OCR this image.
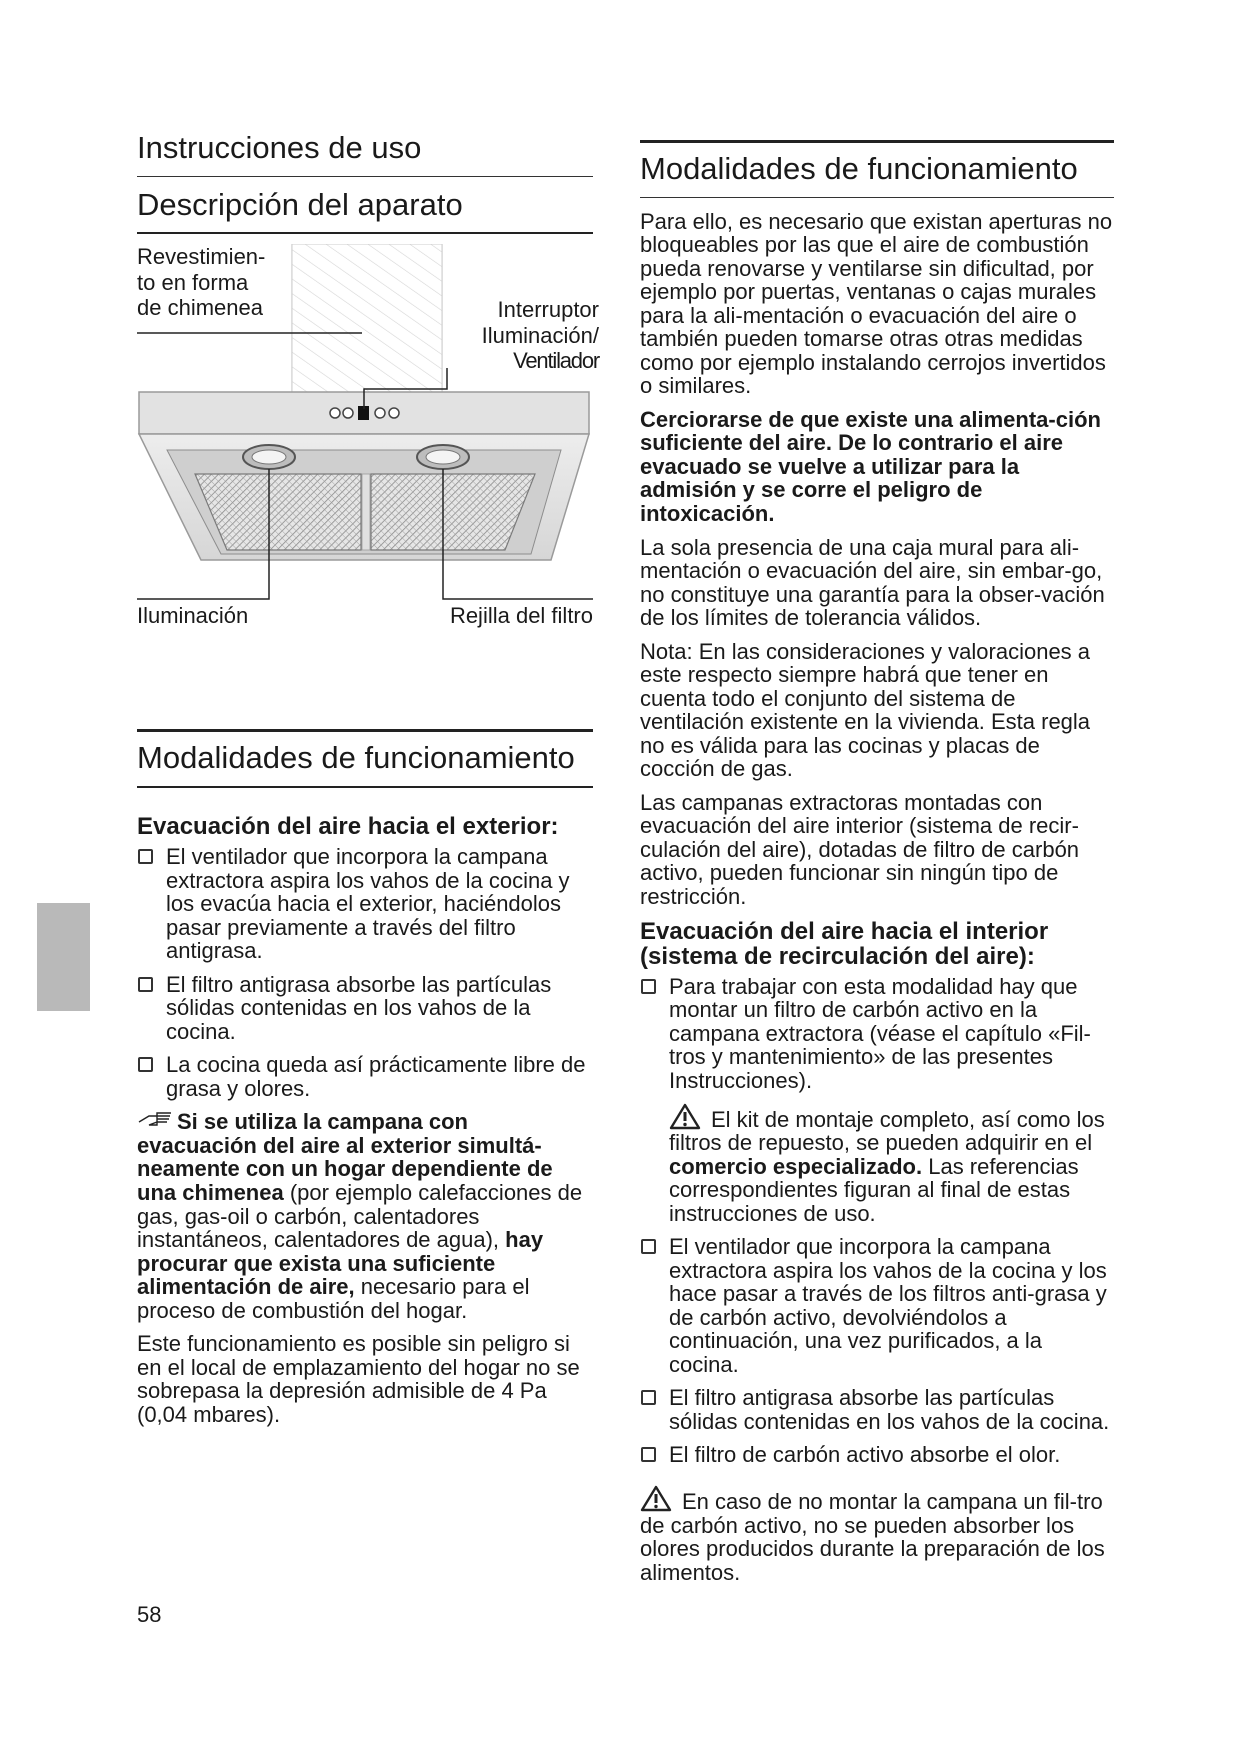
Instrucciones de uso
Descripción del aparato
Revestimien-
to en forma
de chimenea	Interruptor
Iluminación/
Ventilador
Iluminación	Rejilla del filtro
Modalidades de funcionamiento
Evacuación del aire hacia el exterior:
El ventilador que incorpora la campana extractora aspira los vahos de la cocina y los evacúa hacia el exterior, haciéndolos pasar previamente a través del filtro antigrasa.
El filtro antigrasa absorbe las partículas sólidas contenidas en los vahos de la cocina.
La cocina queda así prácticamente libre de grasa y olores.
Si se utiliza la campana con evacuación del aire al exterior simultá-neamente con un hogar dependiente de una chimenea (por ejemplo calefacciones de gas, gas-oil o carbón, calentadores instantáneos, calentadores de agua), hay procurar que exista una suficiente alimentación de aire, necesario para el proceso de combustión del hogar.
Este funcionamiento es posible sin peligro si en el local de emplazamiento del hogar no se sobrepasa la depresión admisible de 4 Pa (0,04 mbares).
58
Modalidades de funcionamiento
Para ello, es necesario que existan aperturas no bloqueables por las que el aire de combustión pueda renovarse y ventilarse sin dificultad, por ejemplo por puertas, ventanas o cajas murales para la ali-mentación o evacuación del aire o también pueden tomarse otras otras medidas como por ejemplo instalando cerrojos invertidos o similares.
Cerciorarse de que existe una alimenta-ción suficiente del aire. De lo contrario el aire evacuado se vuelve a utilizar para la admisión y se corre el peligro de intoxicación.
La sola presencia de una caja mural para ali-mentación o evacuación del aire, sin embar-go, no constituye una garantía para la obser-vación de los límites de tolerancia válidos.
Nota: En las consideraciones y valoraciones a este respecto siempre habrá que tener en cuenta todo el conjunto del sistema de ventilación existente en la vivienda. Esta regla no es válida para las cocinas y placas de cocción de gas.
Las campanas extractoras montadas con evacuación del aire interior (sistema de recir-culación del aire), dotadas de filtro de carbón activo, pueden funcionar sin ningún tipo de restricción.
Evacuación del aire hacia el interior (sistema de recirculación del aire):
Para trabajar con esta modalidad hay que montar un filtro de carbón activo en la campana extractora (véase el capítulo «Fil-tros y mantenimiento» de las presentes Instrucciones).
El kit de montaje completo, así como los filtros de repuesto, se pueden adquirir en el comercio especializado. Las referencias correspondientes figuran al final de estas instrucciones de uso.
El ventilador que incorpora la campana extractora aspira los vahos de la cocina y los hace pasar a través de los filtros anti-grasa y de carbón activo, devolviéndolos a continuación, una vez purificados, a la cocina.
El filtro antigrasa absorbe las partículas sólidas contenidas en los vahos de la cocina.
El filtro de carbón activo absorbe el olor.
En caso de no montar la campana un fil-tro de carbón activo, no se pueden absorber los olores producidos durante la preparación de los alimentos.
